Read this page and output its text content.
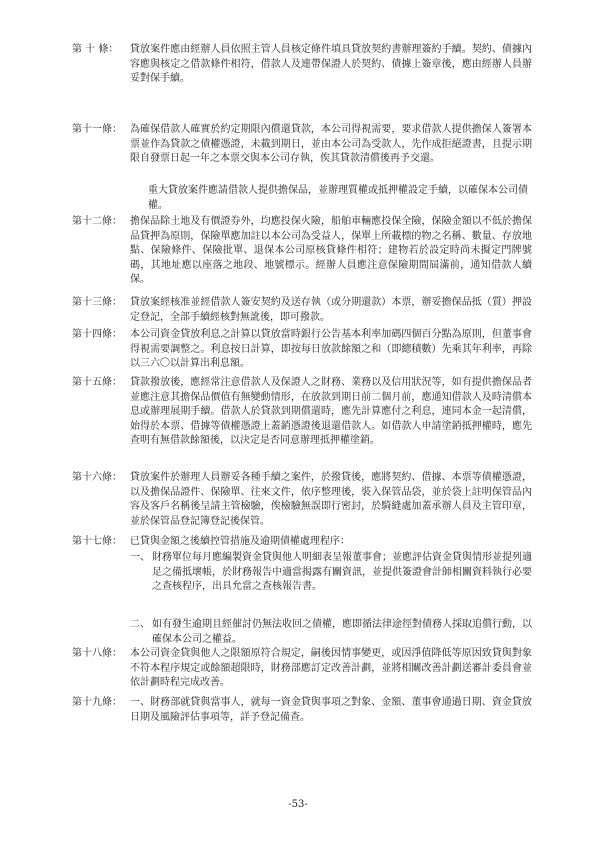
第 十 條：	貸放案件應由經辦人員依照主管人員核定條件填具貸放契約書辦理簽約手續。契約、債據內容應與核定之借款條件相符，借款人及連帶保證人於契約、債據上簽章後，應由經辦人員辦妥對保手續。
第十一條： 為確保借款人確實於約定期限內償還貸款，本公司得視需要，要求借款人提供擔保人簽署本票並作為貸款之債權憑證，未載到期日，並由本公司為受款人，先作成拒絕證書，且提示期限自發票日起一年之本票交與本公司存執，俟其貸款清償後再予交還。
重大貸放案件應請借款人提供擔保品，並辦理質權或抵押權設定手續，以確保本公司債權。
第十二條： 擔保品除土地及有價證券外，均應投保火險，船舶車輛應投保全險，保險金額以不低於擔保品貸押為原則，保險單應加註以本公司為受益人，保單上所載標的物之名稱、數量、存放地點、保險條件、保險批單、退保本公司原核貸條件相符；建物若於設定時尚未擬定門牌號碼，其地址應以座落之地段、地號標示。經辦人員應注意保險期間屆滿前，通知借款人續保。
第十三條： 貸放案經核准並經借款人簽安契約及送存執（或分期還款）本票，辦妥擔保品抵（質）押設定登記，全部手續經核對無訛後，即可撥款。
第十四條： 本公司資金貸放利息之計算以貸放當時銀行公告基本利率加碼四個百分點為原則，但董事會得視需要調整之。利息按日計算，即按每日放款餘額之和（即總積數）先乘其年利率，再除以三六〇以計算出利息額。
第十五條： 貸款撥放後，應經常注意借款人及保證人之財務、業務以及信用狀況等，如有提供擔保品者並應注意其擔保品價值有無變動情形，在放款到期日前二個月前，應通知借款人及時清償本息或辦理展期手續。借款人於貸款到期償還時，應先計算應付之利息，連同本金一起清償，始得於本票、借據等債權憑證上蓋銷憑證後退還借款人。如借款人申請塗銷抵押權時，應先查明有無借款餘額後，以決定是否同意辦理抵押權塗銷。
第十六條： 貸放案件於辦理人員辦妥各種手續之案件，於撥貸後，應將契約、借據、本票等債權憑證，以及擔保品證件、保險單、往來文件，依序整理後，裝入保管品袋，並於袋上註明保管品內容及客戶名稱後呈請主管檢驗，俟檢驗無誤即行密封，於騎縫處加蓋承辦人員及主管印章，並於保管品登記簿登記後保管。
第十七條： 已貸與金額之後續控管措施及逾期債權處理程序：
一、 財務單位每月應編製資金貸與他人明細表呈報董事會；並應評估資金貸與情形並提列適足之備抵壞帳，於財務報告中適當揭露有關資訊，並提供簽證會計師相關資料執行必要之查核程序，出具允當之查核報告書。
二、 如有發生逾期且經催討仍無法收回之債權，應即循法律途徑對債務人採取追償行動，以確保本公司之權益。
第十八條： 本公司資金貸與他人之限額原符合規定，嗣後因情事變更，或因淨值降低等原因致貸與對象不符本程序規定或餘額超限時，財務部應訂定改善計劃，並將相關改善計劃送審計委員會並依計劃時程完成改善。
第十九條： 一、財務部就貸與當事人，就每一資金貸與事項之對象、金額、董事會通過日期、資金貸放日期及風險評估事項等，詳予登記備查。
-53-
